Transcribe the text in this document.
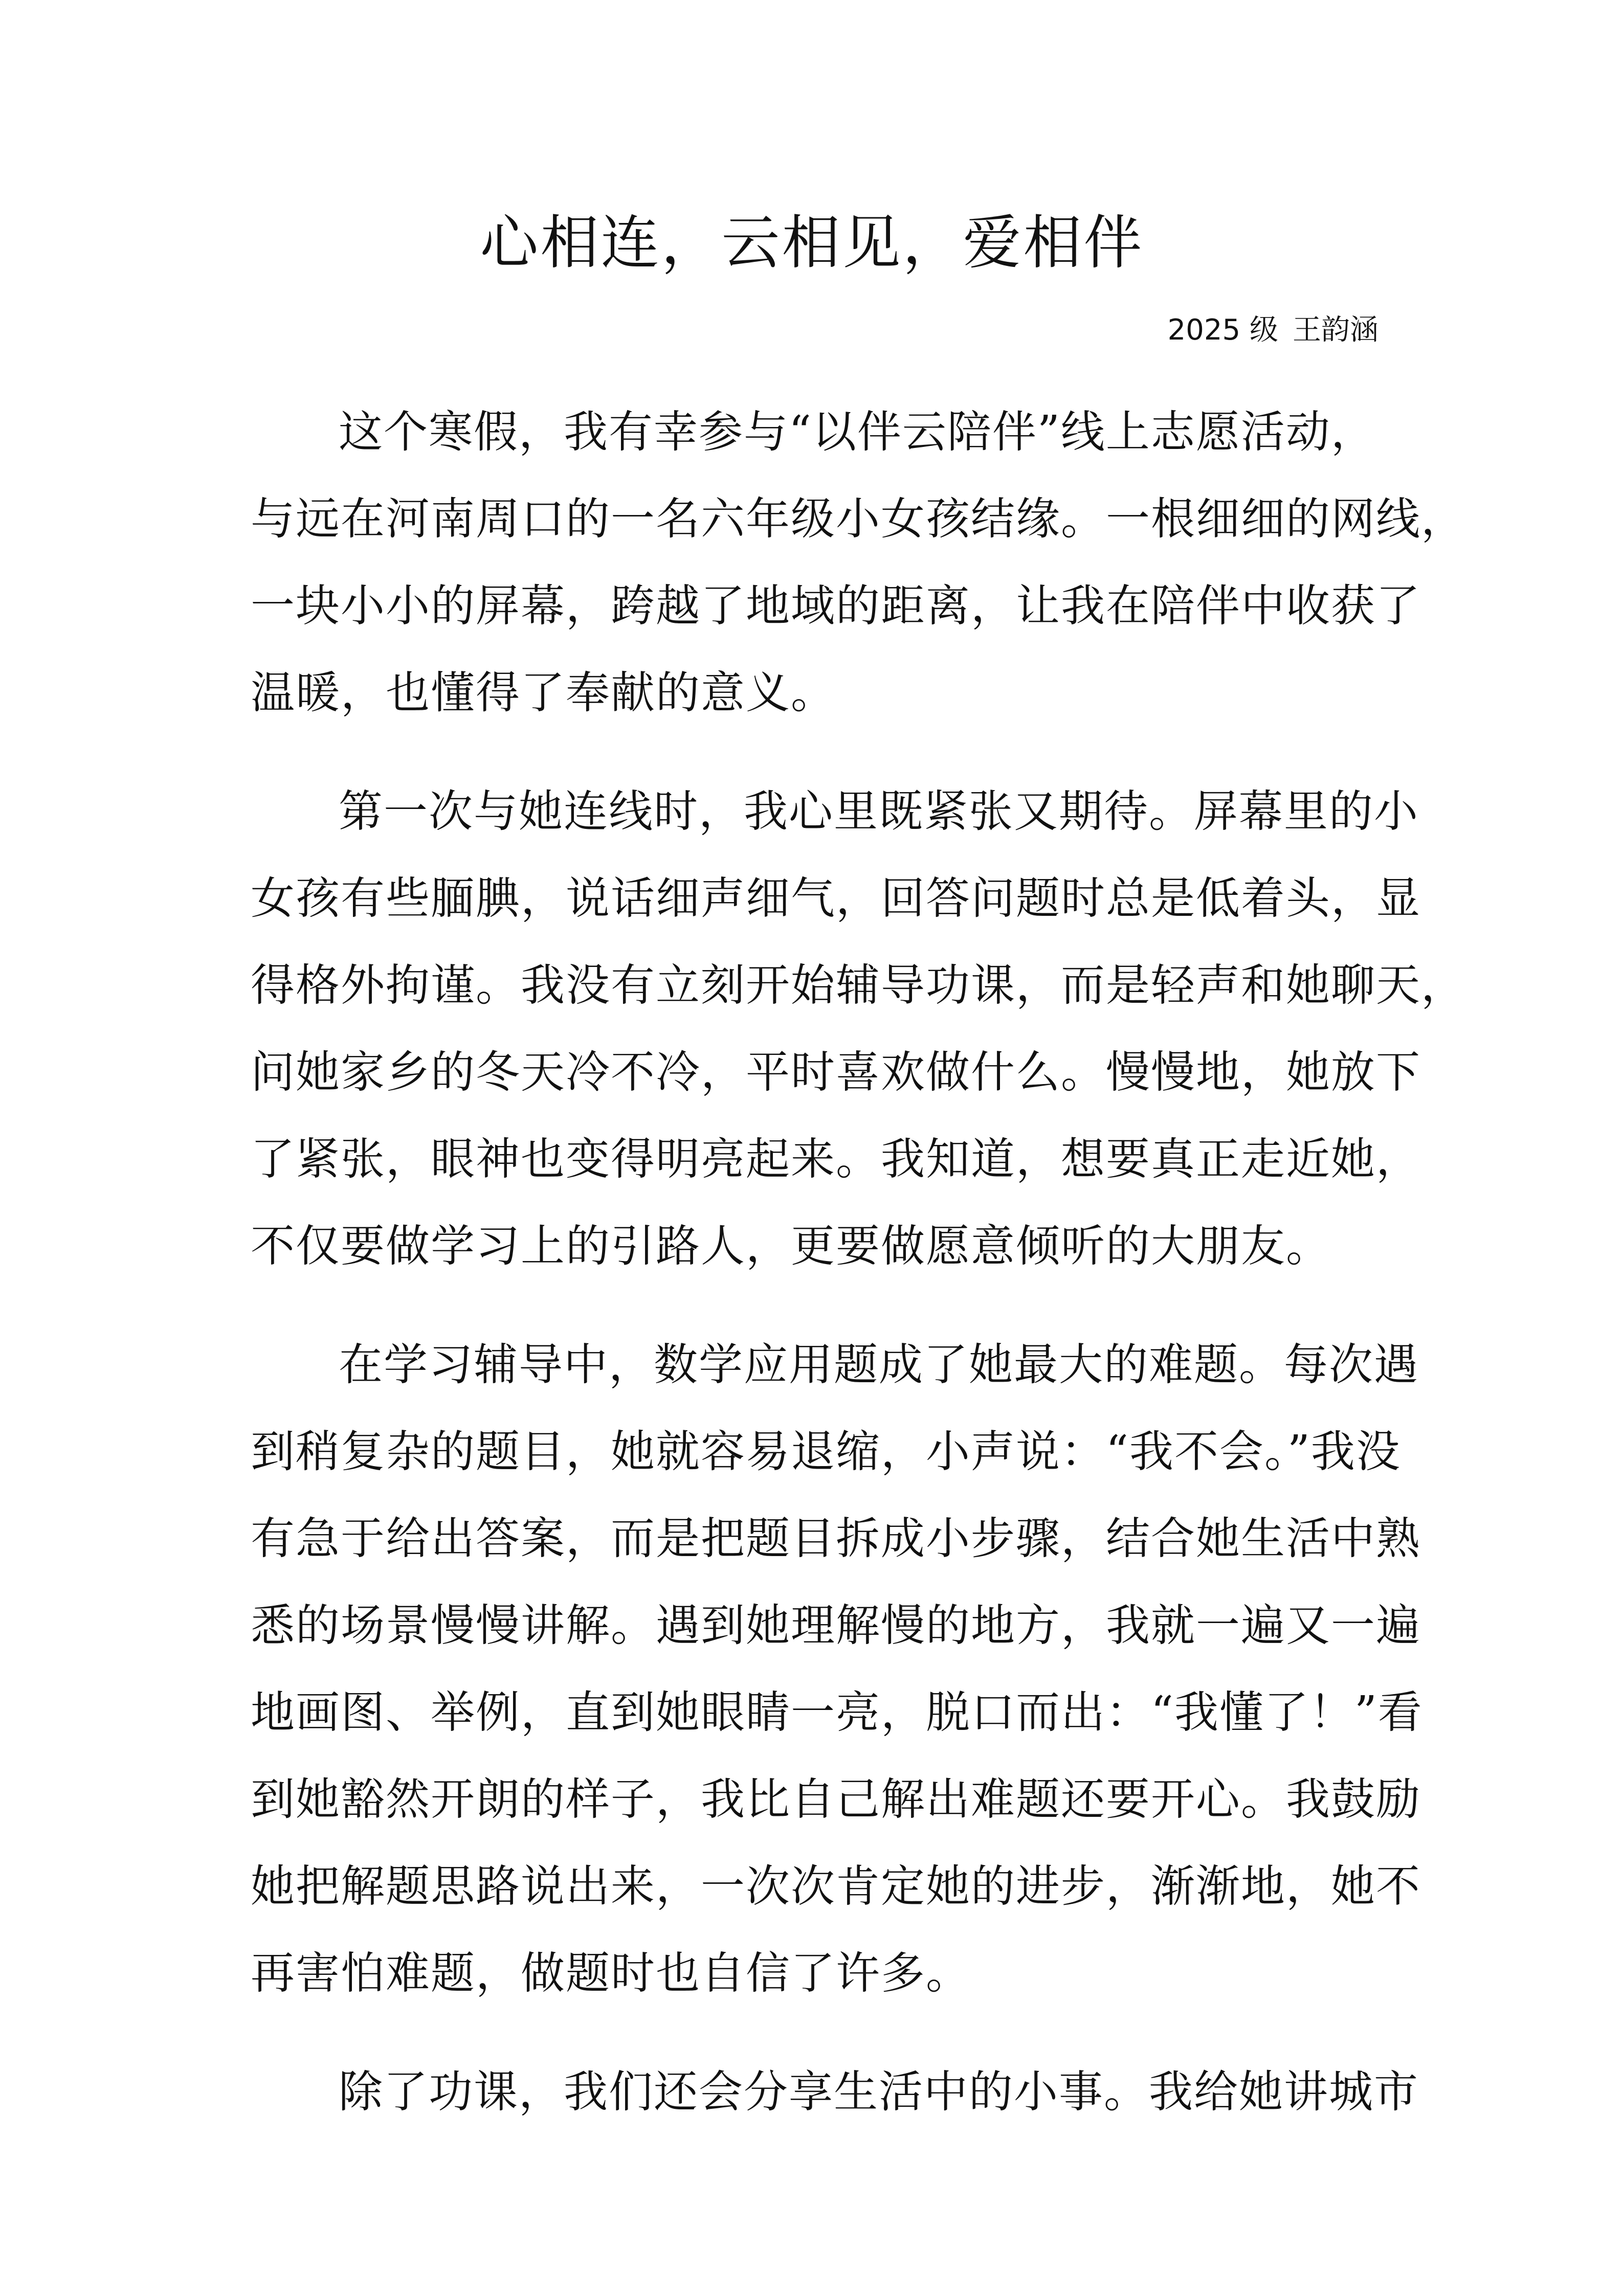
心相连，云相见，爱相伴
2025 级 王韵涵
这个寒假，我有幸参与“以伴云陪伴”线上志愿活动，
与远在河南周口的一名六年级小女孩结缘。一根细细的网线，
一块小小的屏幕，跨越了地域的距离，让我在陪伴中收获了
温暖，也懂得了奉献的意义。
第一次与她连线时，我心里既紧张又期待。屏幕里的小
女孩有些腼腆，说话细声细气，回答问题时总是低着头，显
得格外拘谨。我没有立刻开始辅导功课，而是轻声和她聊天，
问她家乡的冬天冷不冷，平时喜欢做什么。慢慢地，她放下
了紧张，眼神也变得明亮起来。我知道，想要真正走近她，
不仅要做学习上的引路人，更要做愿意倾听的大朋友。
在学习辅导中，数学应用题成了她最大的难题。每次遇
到稍复杂的题目，她就容易退缩，小声说：“我不会。”我没
有急于给出答案，而是把题目拆成小步骤，结合她生活中熟
悉的场景慢慢讲解。遇到她理解慢的地方，我就一遍又一遍
地画图、举例，直到她眼睛一亮，脱口而出：“我懂了！”看
到她豁然开朗的样子，我比自己解出难题还要开心。我鼓励
她把解题思路说出来，一次次肯定她的进步，渐渐地，她不
再害怕难题，做题时也自信了许多。
除了功课，我们还会分享生活中的小事。我给她讲城市
